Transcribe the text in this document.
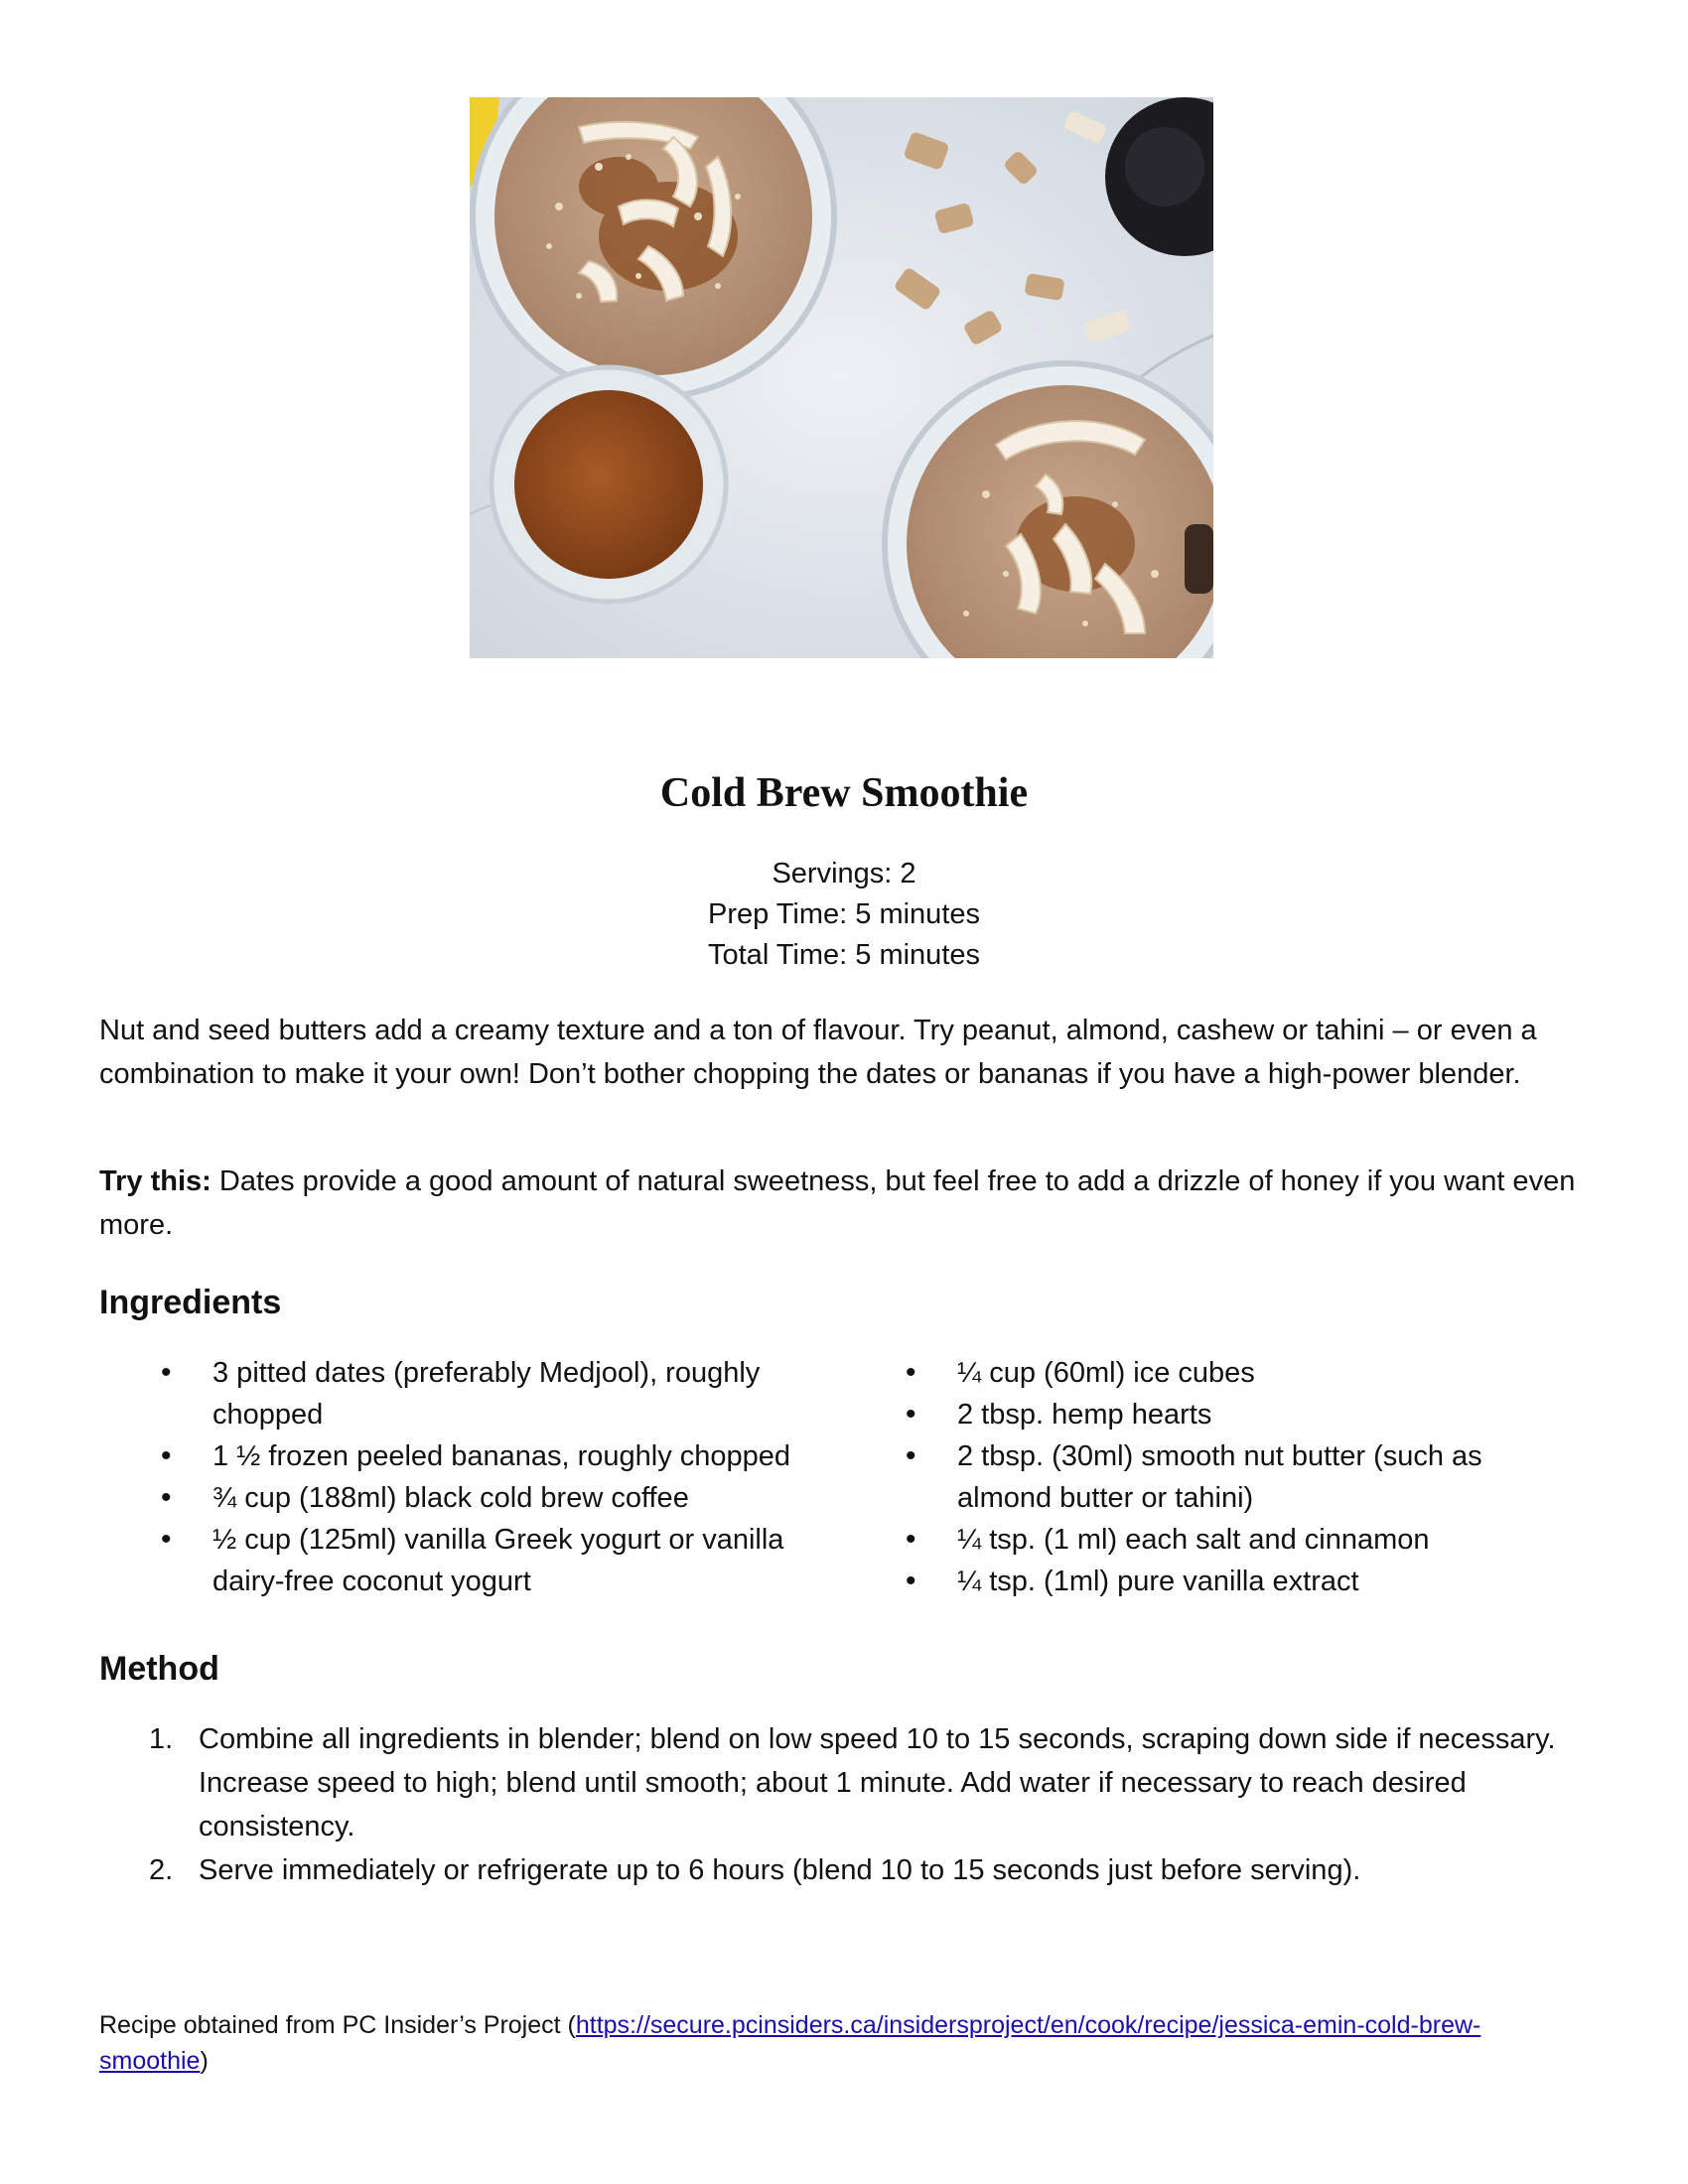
Cold Brew Smoothie
Servings: 2
Prep Time: 5 minutes
Total Time: 5 minutes

Nut and seed butters add a creamy texture and a ton of flavour. Try peanut, almond, cashew or tahini – or even a combination to make it your own! Don’t bother chopping the dates or bananas if you have a high-power blender.

Try this: Dates provide a good amount of natural sweetness, but feel free to add a drizzle of honey if you want even more.

Ingredients
• 3 pitted dates (preferably Medjool), roughly chopped
• 1 ½ frozen peeled bananas, roughly chopped
• ¾ cup (188ml) black cold brew coffee
• ½ cup (125ml) vanilla Greek yogurt or vanilla dairy-free coconut yogurt
• ¼ cup (60ml) ice cubes
• 2 tbsp. hemp hearts
• 2 tbsp. (30ml) smooth nut butter (such as almond butter or tahini)
• ¼ tsp. (1 ml) each salt and cinnamon
• ¼ tsp. (1ml) pure vanilla extract
Method
1. Combine all ingredients in blender; blend on low speed 10 to 15 seconds, scraping down side if necessary. Increase speed to high; blend until smooth; about 1 minute. Add water if necessary to reach desired consistency.
2. Serve immediately or refrigerate up to 6 hours (blend 10 to 15 seconds just before serving).
Recipe obtained from PC Insider’s Project (https://secure.pcinsiders.ca/insidersproject/en/cook/recipe/jessica-emin-cold-brew-smoothie)
